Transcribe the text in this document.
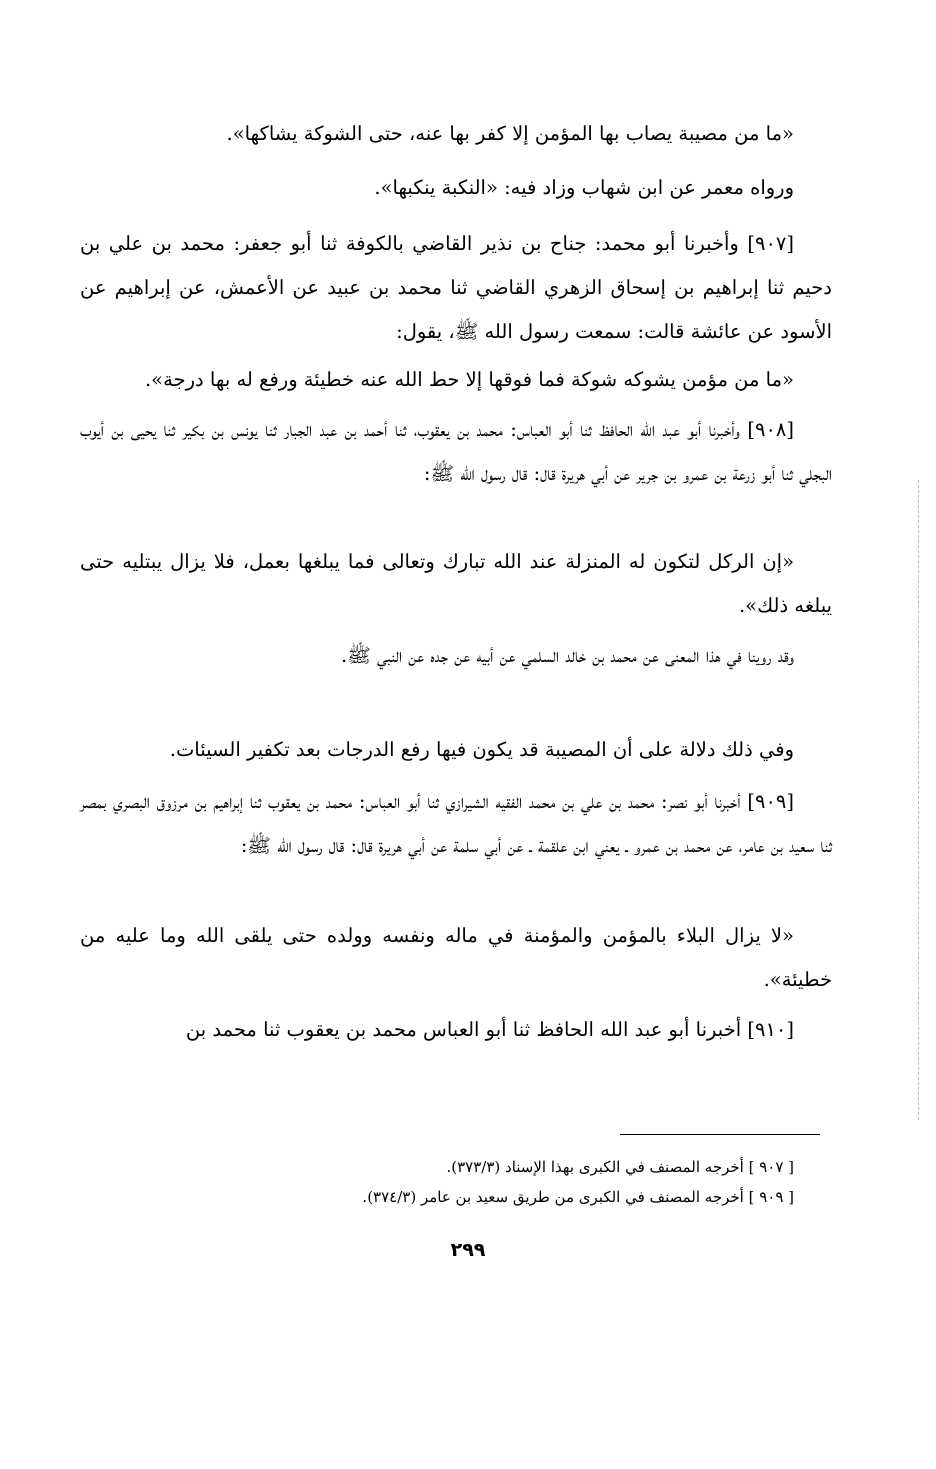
«ما من مصيبة يصاب بها المؤمن إلا كفر بها عنه، حتى الشوكة يشاكها».
ورواه معمر عن ابن شهاب وزاد فيه: «النكبة ينكبها».
[٩٠٧] وأخبرنا أبو محمد: جناح بن نذير القاضي بالكوفة ثنا أبو جعفر: محمد بن علي بن دحيم ثنا إبراهيم بن إسحاق الزهري القاضي ثنا محمد بن عبيد عن الأعمش، عن إبراهيم عن الأسود عن عائشة قالت: سمعت رسول الله ﷺ، يقول:
«ما من مؤمن يشوكه شوكة فما فوقها إلا حط الله عنه خطيئة ورفع له بها درجة».
[٩٠٨] وأخبرنا أبو عبد الله الحافظ ثنا أبو العباس: محمد بن يعقوب، ثنا أحمد بن عبد الجبار ثنا يونس بن بكير ثنا يحيى بن أيوب البجلي ثنا أبو زرعة بن عمرو بن جرير عن أبي هريرة قال: قال رسول الله ﷺ:
«إن الركل لتكون له المنزلة عند الله تبارك وتعالى فما يبلغها بعمل، فلا يزال يبتليه حتى يبلغه ذلك».
وقد روينا في هذا المعنى عن محمد بن خالد السلمي عن أبيه عن جده عن النبي ﷺ.
وفي ذلك دلالة على أن المصيبة قد يكون فيها رفع الدرجات بعد تكفير السيئات.
[٩٠٩] أخبرنا أبو نصر: محمد بن علي بن محمد الفقيه الشيرازي ثنا أبو العباس: محمد بن يعقوب ثنا إبراهيم بن مرزوق البصري بمصر ثنا سعيد بن عامر، عن محمد بن عمرو ـ يعني ابن علقمة ـ عن أبي سلمة عن أبي هريرة قال: قال رسول الله ﷺ:
«لا يزال البلاء بالمؤمن والمؤمنة في ماله ونفسه وولده حتى يلقى الله وما عليه من خطيئة».
[٩١٠] أخبرنا أبو عبد الله الحافظ ثنا أبو العباس محمد بن يعقوب ثنا محمد بن
[ ٩٠٧ ] أخرجه المصنف في الكبرى بهذا الإسناد (٣٧٣/٣).
[ ٩٠٩ ] أخرجه المصنف في الكبرى من طريق سعيد بن عامر (٣٧٤/٣).
٢٩٩
